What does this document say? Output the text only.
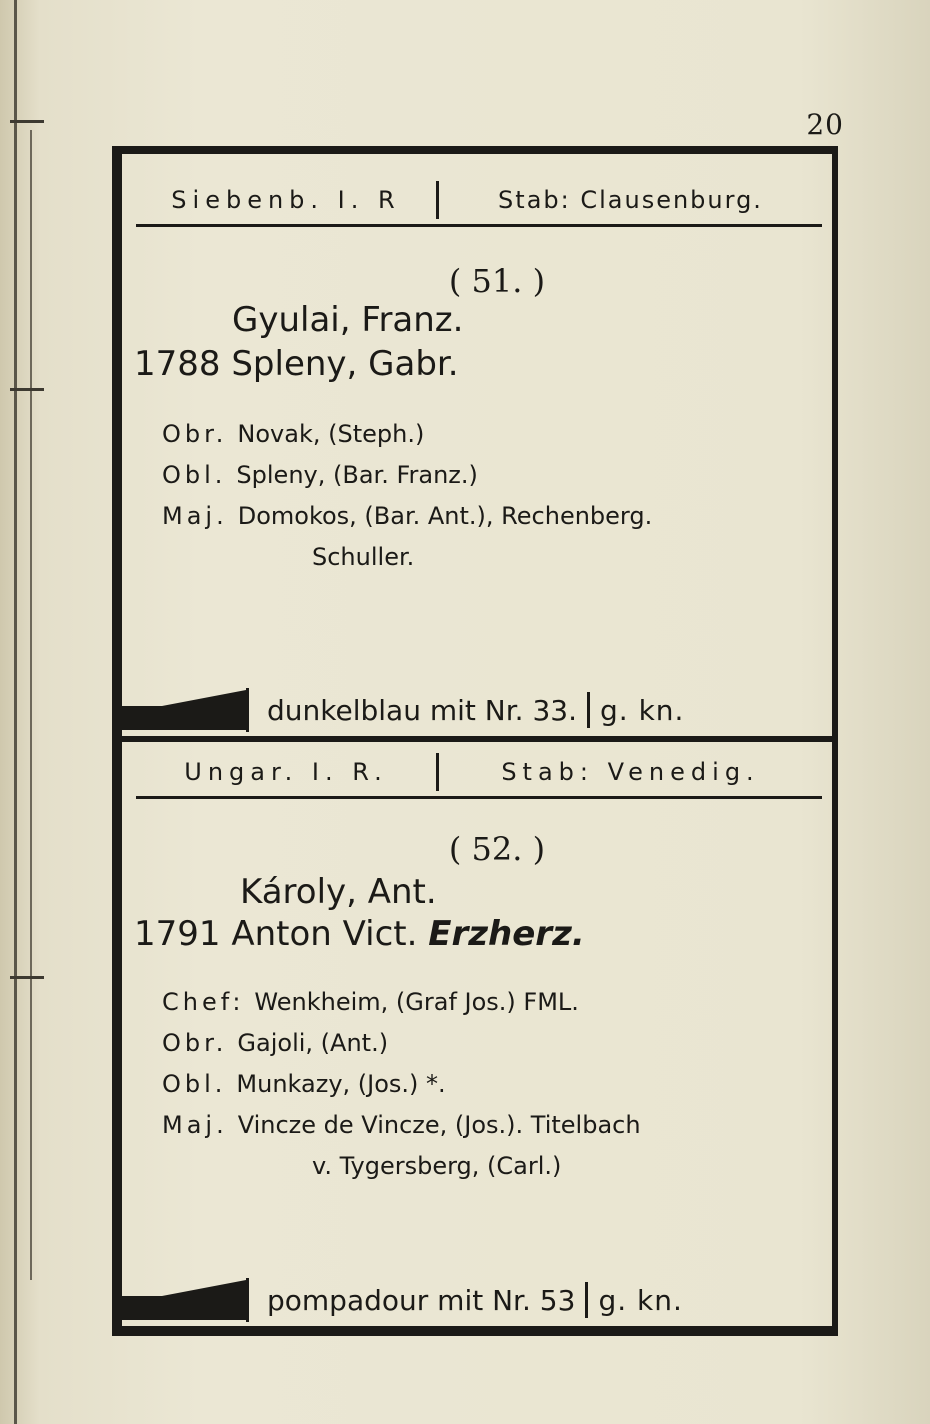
20
Siebenb. I. R	Stab: Clausenburg.
( 51. )
Gyulai, Franz.
1788 Spleny, Gabr.
Obr. Novak, (Steph.)
Obl. Spleny, (Bar. Franz.)
Maj. Domokos, (Bar. Ant.), Rechenberg.
Schuller.
dunkelblau mit Nr. 33. g. kn.
Ungar. I. R.	Stab: Venedig.
( 52. )
Károly, Ant.
1791 Anton Vict. Erzherz.
Chef: Wenkheim, (Graf Jos.) FML.
Obr. Gajoli, (Ant.)
Obl. Munkazy, (Jos.) *.
Maj. Vincze de Vincze, (Jos.). Titelbach
v. Tygersberg, (Carl.)
pompadour mit Nr. 53 g. kn.
